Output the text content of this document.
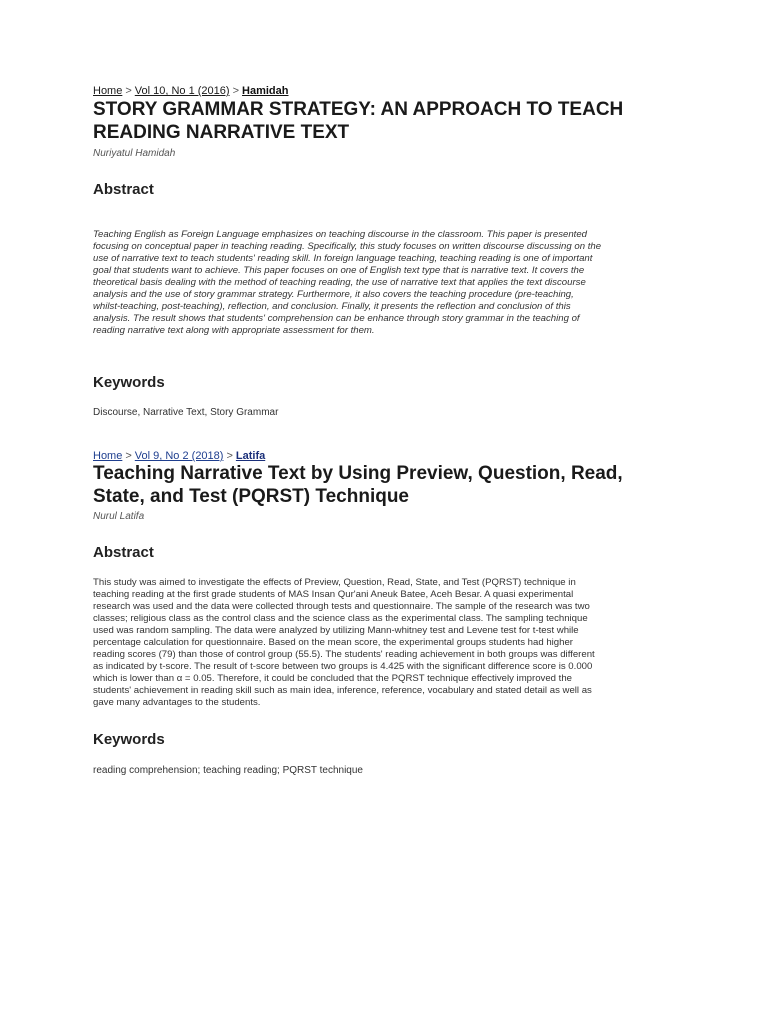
Home > Vol 10, No 1 (2016) > Hamidah
STORY GRAMMAR STRATEGY: AN APPROACH TO TEACH
READING NARRATIVE TEXT
Nuriyatul Hamidah
Abstract
Teaching English as Foreign Language emphasizes on teaching discourse in the classroom. This paper is presented
focusing on conceptual paper in teaching reading. Specifically, this study focuses on written discourse discussing on the
use of narrative text to teach students' reading skill. In foreign language teaching, teaching reading is one of important
goal that students want to achieve. This paper focuses on one of English text type that is narrative text. It covers the
theoretical basis dealing with the method of teaching reading, the use of narrative text that applies the text discourse
analysis and the use of story grammar strategy. Furthermore, it also covers the teaching procedure (pre-teaching,
whilst-teaching, post-teaching), reflection, and conclusion. Finally, it presents the reflection and conclusion of this
analysis. The result shows that students' comprehension can be enhance through story grammar in the teaching of
reading narrative text along with appropriate assessment for them.
Keywords
Discourse, Narrative Text, Story Grammar
Home > Vol 9, No 2 (2018) > Latifa
Teaching Narrative Text by Using Preview, Question, Read,
State, and Test (PQRST) Technique
Nurul Latifa
Abstract
This study was aimed to investigate the effects of Preview, Question, Read, State, and Test (PQRST) technique in
teaching reading at the first grade students of MAS Insan Qur'ani Aneuk Batee, Aceh Besar. A quasi experimental
research was used and the data were collected through tests and questionnaire. The sample of the research was two
classes; religious class as the control class and the science class as the experimental class. The sampling technique
used was random sampling. The data were analyzed by utilizing Mann-whitney test and Levene test for t-test while
percentage calculation for questionnaire. Based on the mean score, the experimental groups students had higher
reading scores (79) than those of control group (55.5). The students' reading achievement in both groups was different
as indicated by t-score. The result of t-score between two groups is 4.425 with the significant difference score is 0.000
which is lower than α = 0.05. Therefore, it could be concluded that the PQRST technique effectively improved the
students' achievement in reading skill such as main idea, inference, reference, vocabulary and stated detail as well as
gave many advantages to the students.
Keywords
reading comprehension; teaching reading; PQRST technique
